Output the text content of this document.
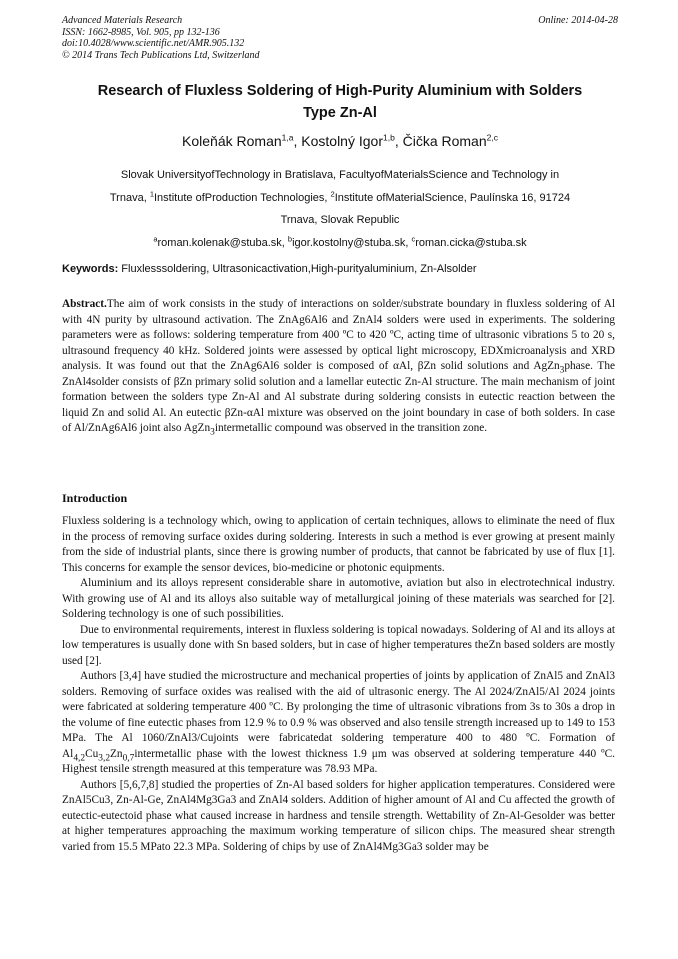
Advanced Materials Research
ISSN: 1662-8985, Vol. 905, pp 132-136
doi:10.4028/www.scientific.net/AMR.905.132
© 2014 Trans Tech Publications Ltd, Switzerland
Online: 2014-04-28
Research of Fluxless Soldering of High-Purity Aluminium with Solders
Type Zn-Al
Koleňák Roman$^{1,a}$, Kostolný Igor$^{1,b}$, Čička Roman$^{2,c}$
Slovak UniversityofTechnology in Bratislava, FacultyofMaterialsScience and Technology in
Trnava, $^1$Institute ofProduction Technologies, $^2$Institute ofMaterialScience, Paulínska 16, 91724
Trnava, Slovak Republic
$^a$roman.kolenak@stuba.sk, $^b$igor.kostolny@stuba.sk, $^c$roman.cicka@stuba.sk
Keywords: Fluxlesssoldering, Ultrasonicactivation,High-purityaluminium, Zn-Alsolder
Abstract.The aim of work consists in the study of interactions on solder/substrate boundary in fluxless soldering of Al with 4N purity by ultrasound activation. The ZnAg6Al6 and ZnAl4 solders were used in experiments. The soldering parameters were as follows: soldering temperature from 400 ºC to 420 ºC, acting time of ultrasonic vibrations 5 to 20 s, ultrasound frequency 40 kHz. Soldered joints were assessed by optical light microscopy, EDXmicroanalysis and XRD analysis. It was found out that the ZnAg6Al6 solder is composed of αAl, βZn solid solutions and AgZn$_3$phase. The ZnAl4solder consists of βZn primary solid solution and a lamellar eutectic Zn-Al structure. The main mechanism of joint formation between the solders type Zn-Al and Al substrate during soldering consists in eutectic reaction between the liquid Zn and solid Al. An eutectic βZn-αAl mixture was observed on the joint boundary in case of both solders. In case of Al/ZnAg6Al6 joint also AgZn$_3$intermetallic compound was observed in the transition zone.
Introduction

Fluxless soldering is a technology which, owing to application of certain techniques, allows to eliminate the need of flux in the process of removing surface oxides during soldering. Interests in such a method is ever growing at present mainly from the side of industrial plants, since there is growing number of products, that cannot be fabricated by use of flux [1]. This concerns for example the sensor devices, bio-medicine or photonic equipments.

Aluminium and its alloys represent considerable share in automotive, aviation but also in electrotechnical industry. With growing use of Al and its alloys also suitable way of metallurgical joining of these materials was searched for [2]. Soldering technology is one of such possibilities.

Due to environmental requirements, interest in fluxless soldering is topical nowadays. Soldering of Al and its alloys at low temperatures is usually done with Sn based solders, but in case of higher temperatures theZn based solders are mostly used [2].

Authors [3,4] have studied the microstructure and mechanical properties of joints by application of ZnAl5 and ZnAl3 solders. Removing of surface oxides was realised with the aid of ultrasonic energy. The Al 2024/ZnAl5/Al 2024 joints were fabricated at soldering temperature 400 ºC. By prolonging the time of ultrasonic vibrations from 3s to 30s a drop in the volume of fine eutectic phases from 12.9 % to 0.9 % was observed and also tensile strength increased up to 149 to 153 MPa. The Al 1060/ZnAl3/Cujoints were fabricatedat soldering temperature 400 to 480 ºC. Formation of $Al_{4,2}Cu_{3,2}Zn_{0,7}intermetallic$ phase with the lowest thickness 1.9 μm was observed at soldering temperature 440 ºC. Highest tensile strength measured at this temperature was 78.93 MPa.

Authors [5,6,7,8] studied the properties of Zn-Al based solders for higher application temperatures. Considered were ZnAl5Cu3, Zn-Al-Ge, ZnAl4Mg3Ga3 and ZnAl4 solders. Addition of higher amount of Al and Cu affected the growth of eutectic-eutectoid phase what caused increase in hardness and tensile strength. Wettability of Zn-Al-Gesolder was better at higher temperatures approaching the maximum working temperature of silicon chips. The measured shear strength varied from 15.5 MPato 22.3 MPa. Soldering of chips by use of ZnAl4Mg3Ga3 solder may be
